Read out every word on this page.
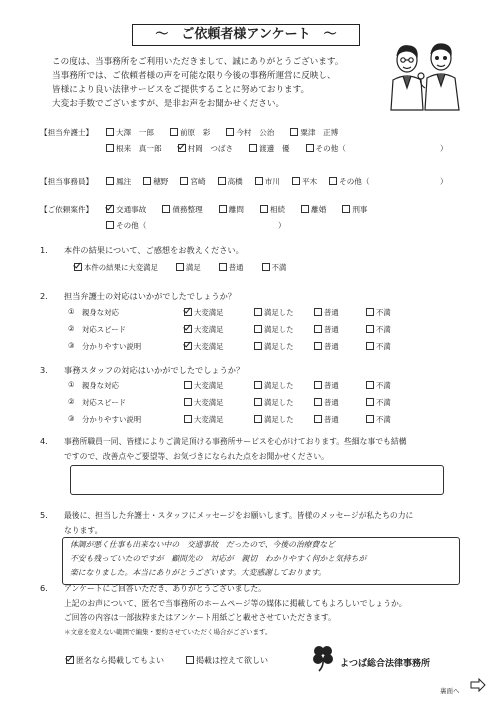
～　ご依頼者様アンケート　～
この度は、当事務所をご利用いただきまして、誠にありがとうございます。
当事務所では、ご依頼者様の声を可能な限り今後の事務所運営に反映し、
皆様により良い法律サービスをご提供することに努めております。
大変お手数でございますが、是非お声をお聞かせください。
【担当弁護士】	大澤　一郎	前原　彩	今村　公治	粟津　正博
根来　真一郎	村岡　つばさ	渡邊　優	その他（	）
【担当事務員】	鳳注	穂野	宮崎	高橋	市川	平木	その他（	）
【ご依頼案件】	交通事故	債務整理	離問	相続	離婚	刑事
その他（	）
1. 本件の結果について、ご感想をお教えください。
本件の結果に大変満足	満足	普通	不満
2. 担当弁護士の対応はいかがでしたでしょうか？
① 親身な対応	大変満足	満足した	普通	不満
② 対応スピード	大変満足	満足した	普通	不満
③ 分かりやすい説明	大変満足	満足した	普通	不満
3. 事務スタッフの対応はいかがでしたでしょうか？
① 親身な対応	大変満足	満足した	普通	不満
② 対応スピード	大変満足	満足した	普通	不満
③ 分かりやすい説明	大変満足	満足した	普通	不満
4. 事務所職員一同、皆様によりご満足頂ける事務所サービスを心がけております。些細な事でも結構
ですので、改善点やご要望等、お気づきになられた点をお聞かせください。
5. 最後に、担当した弁護士・スタッフにメッセージをお願いします。皆様のメッセージが私たちの力に
なります。
体調が悪く仕事も出来ない中の　交通事故　だったので、今後の治療費など
不安も残っていたのですが　顧問先の　対応が　親切　わかりやすく何かと気持ちが
楽になりました。本当にありがとうございます。大変感謝しております。
6. アンケートにご回答いただき、ありがとうございました。
上記のお声について、匿名で当事務所のホームページ等の媒体に掲載してもよろしいでしょうか。
ご回答の内容は一部抜粋またはアンケート用紙ごと載せさせていただきます。
＊文意を変えない範囲で編集・要約させていただく場合がございます。
匿名なら掲載してもよい	掲載は控えて欲しい	よつば総合法律事務所
裏面へ
